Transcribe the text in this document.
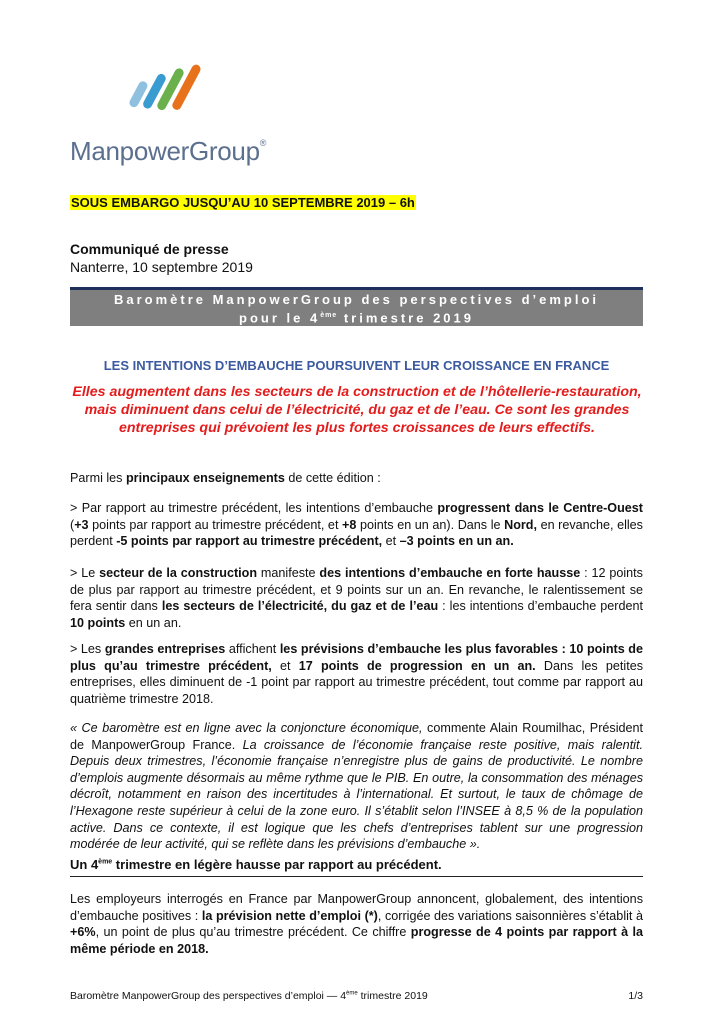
ManpowerGroup®
SOUS EMBARGO JUSQU’AU 10 SEPTEMBRE 2019 – 6h
Communiqué de presse
Nanterre, 10 septembre 2019
Baromètre ManpowerGroup des perspectives d’emploi
pour le 4ème trimestre 2019
LES INTENTIONS D’EMBAUCHE POURSUIVENT LEUR CROISSANCE EN FRANCE
Elles augmentent dans les secteurs de la construction et de l’hôtellerie-restauration, mais diminuent dans celui de l’électricité, du gaz et de l’eau. Ce sont les grandes entreprises qui prévoient les plus fortes croissances de leurs effectifs.
Parmi les principaux enseignements de cette édition :
> Par rapport au trimestre précédent, les intentions d’embauche progressent dans le Centre-Ouest (+3 points par rapport au trimestre précédent, et +8 points en un an). Dans le Nord, en revanche, elles perdent -5 points par rapport au trimestre précédent, et –3 points en un an.
> Le secteur de la construction manifeste des intentions d’embauche en forte hausse : 12 points de plus par rapport au trimestre précédent, et 9 points sur un an. En revanche, le ralentissement se fera sentir dans les secteurs de l’électricité, du gaz et de l’eau : les intentions d’embauche perdent 10 points en un an.
> Les grandes entreprises affichent les prévisions d’embauche les plus favorables : 10 points de plus qu’au trimestre précédent, et 17 points de progression en un an. Dans les petites entreprises, elles diminuent de -1 point par rapport au trimestre précédent, tout comme par rapport au quatrième trimestre 2018.
« Ce baromètre est en ligne avec la conjoncture économique, commente Alain Roumilhac, Président de ManpowerGroup France. La croissance de l’économie française reste positive, mais ralentit. Depuis deux trimestres, l’économie française n’enregistre plus de gains de productivité. Le nombre d’emplois augmente désormais au même rythme que le PIB. En outre, la consommation des ménages décroît, notamment en raison des incertitudes à l’international. Et surtout, le taux de chômage de l’Hexagone reste supérieur à celui de la zone euro. Il s’établit selon l’INSEE à 8,5 % de la population active. Dans ce contexte, il est logique que les chefs d’entreprises tablent sur une progression modérée de leur activité, qui se reflète dans les prévisions d’embauche ».
Un 4ème trimestre en légère hausse par rapport au précédent.
Les employeurs interrogés en France par ManpowerGroup annoncent, globalement, des intentions d’embauche positives : la prévision nette d’emploi (*), corrigée des variations saisonnières s’établit à +6%, un point de plus qu’au trimestre précédent. Ce chiffre progresse de 4 points par rapport à la même période en 2018.
Baromètre ManpowerGroup des perspectives d’emploi — 4ème trimestre 2019	1/3
